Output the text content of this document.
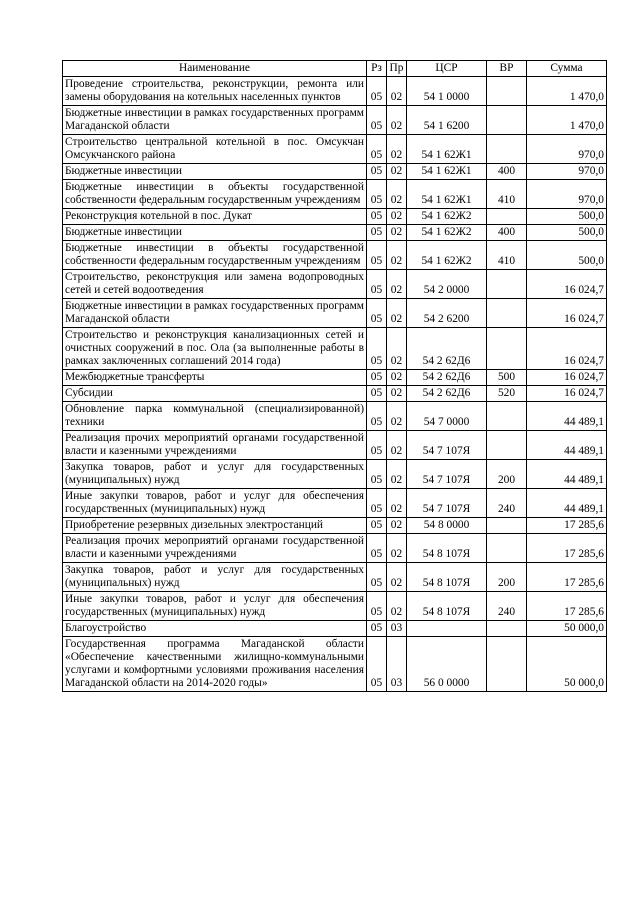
Наименование	Рз	Пр	ЦСР	ВР	Сумма
Проведение строительства, реконструкции, ремонта или замены оборудования на котельных населенных пунктов	05	02	54 1 0000		1 470,0
Бюджетные инвестиции в рамках государственных программ Магаданской области	05	02	54 1 6200		1 470,0
Строительство центральной котельной в пос. Омсукчан Омсукчанского района	05	02	54 1 62Ж1		970,0
Бюджетные инвестиции	05	02	54 1 62Ж1	400	970,0
Бюджетные инвестиции в объекты государственной собственности федеральным государственным учреждениям	05	02	54 1 62Ж1	410	970,0
Реконструкция котельной в пос. Дукат	05	02	54 1 62Ж2		500,0
Бюджетные инвестиции	05	02	54 1 62Ж2	400	500,0
Бюджетные инвестиции в объекты государственной собственности федеральным государственным учреждениям	05	02	54 1 62Ж2	410	500,0
Строительство, реконструкция или замена водопроводных сетей и сетей водоотведения	05	02	54 2 0000		16 024,7
Бюджетные инвестиции в рамках государственных программ Магаданской области	05	02	54 2 6200		16 024,7
Строительство и реконструкция канализационных сетей и очистных сооружений в пос. Ола (за выполненные работы в рамках заключенных соглашений 2014 года)	05	02	54 2 62Д6		16 024,7
Межбюджетные трансферты	05	02	54 2 62Д6	500	16 024,7
Субсидии	05	02	54 2 62Д6	520	16 024,7
Обновление парка коммунальной (специализированной) техники	05	02	54 7 0000		44 489,1
Реализация прочих мероприятий органами государственной власти и казенными учреждениями	05	02	54 7 107Я		44 489,1
Закупка товаров, работ и услуг для государственных (муниципальных) нужд	05	02	54 7 107Я	200	44 489,1
Иные закупки товаров, работ и услуг для обеспечения государственных (муниципальных) нужд	05	02	54 7 107Я	240	44 489,1
Приобретение резервных дизельных электростанций	05	02	54 8 0000		17 285,6
Реализация прочих мероприятий органами государственной власти и казенными учреждениями	05	02	54 8 107Я		17 285,6
Закупка товаров, работ и услуг для государственных (муниципальных) нужд	05	02	54 8 107Я	200	17 285,6
Иные закупки товаров, работ и услуг для обеспечения государственных (муниципальных) нужд	05	02	54 8 107Я	240	17 285,6
Благоустройство	05	03			50 000,0
Государственная программа Магаданской области «Обеспечение качественными жилищно-коммунальными услугами и комфортными условиями проживания населения Магаданской области на 2014-2020 годы»	05	03	56 0 0000		50 000,0
